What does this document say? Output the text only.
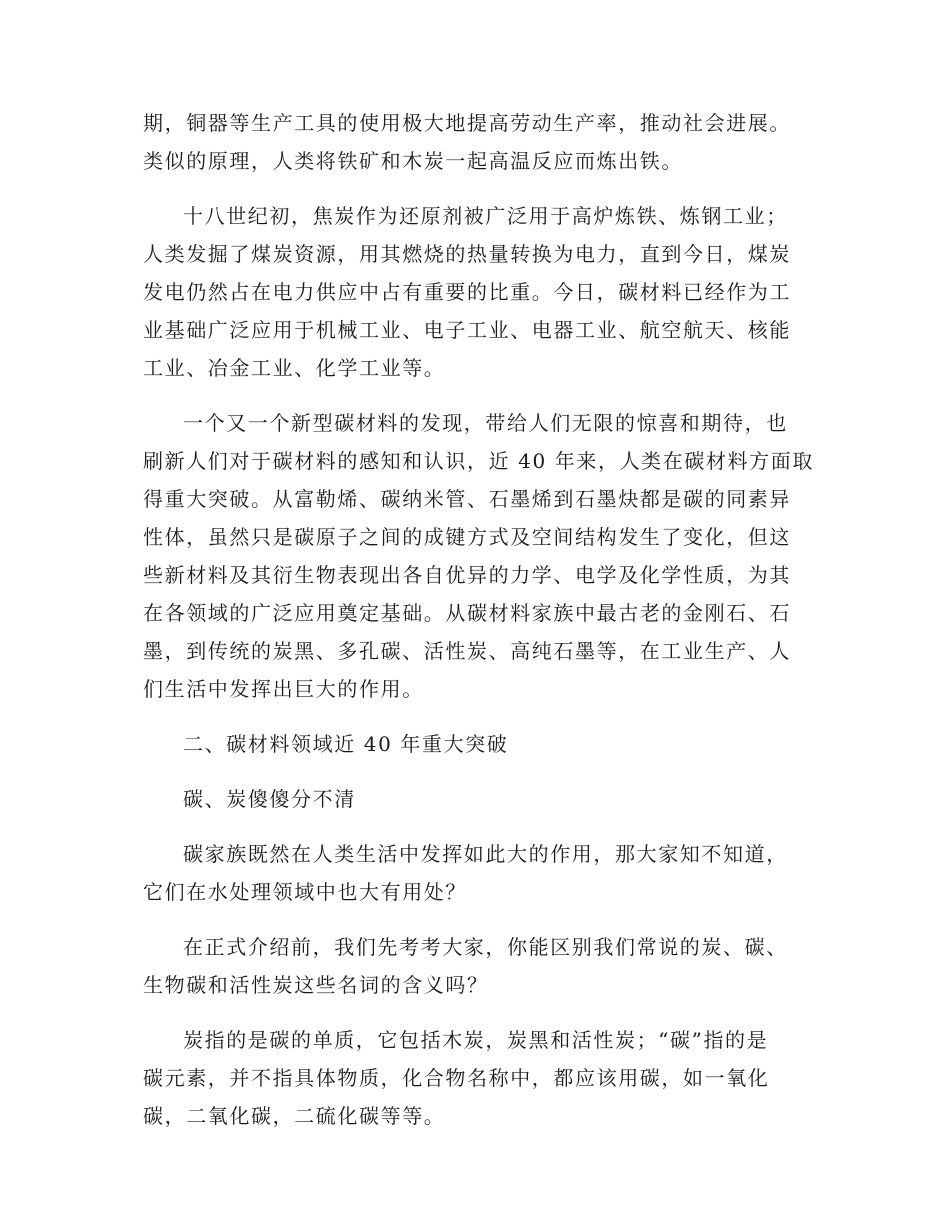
期，铜器等生产工具的使用极大地提高劳动生产率，推动社会进展。
类似的原理，人类将铁矿和木炭一起高温反应而炼出铁。

十八世纪初，焦炭作为还原剂被广泛用于高炉炼铁、炼钢工业；
人类发掘了煤炭资源，用其燃烧的热量转换为电力，直到今日，煤炭
发电仍然占在电力供应中占有重要的比重。今日，碳材料已经作为工
业基础广泛应用于机械工业、电子工业、电器工业、航空航天、核能
工业、冶金工业、化学工业等。

一个又一个新型碳材料的发现，带给人们无限的惊喜和期待，也
刷新人们对于碳材料的感知和认识，近 40 年来，人类在碳材料方面取
得重大突破。从富勒烯、碳纳米管、石墨烯到石墨炔都是碳的同素异
性体，虽然只是碳原子之间的成键方式及空间结构发生了变化，但这
些新材料及其衍生物表现出各自优异的力学、电学及化学性质，为其
在各领域的广泛应用奠定基础。从碳材料家族中最古老的金刚石、石
墨，到传统的炭黑、多孔碳、活性炭、高纯石墨等，在工业生产、人
们生活中发挥出巨大的作用。

二、碳材料领域近 40 年重大突破

碳、炭傻傻分不清

碳家族既然在人类生活中发挥如此大的作用，那大家知不知道，
它们在水处理领域中也大有用处？

在正式介绍前，我们先考考大家，你能区别我们常说的炭、碳、
生物碳和活性炭这些名词的含义吗？

炭指的是碳的单质，它包括木炭，炭黑和活性炭；“碳”指的是
碳元素，并不指具体物质，化合物名称中，都应该用碳，如一氧化
碳，二氧化碳，二硫化碳等等。
